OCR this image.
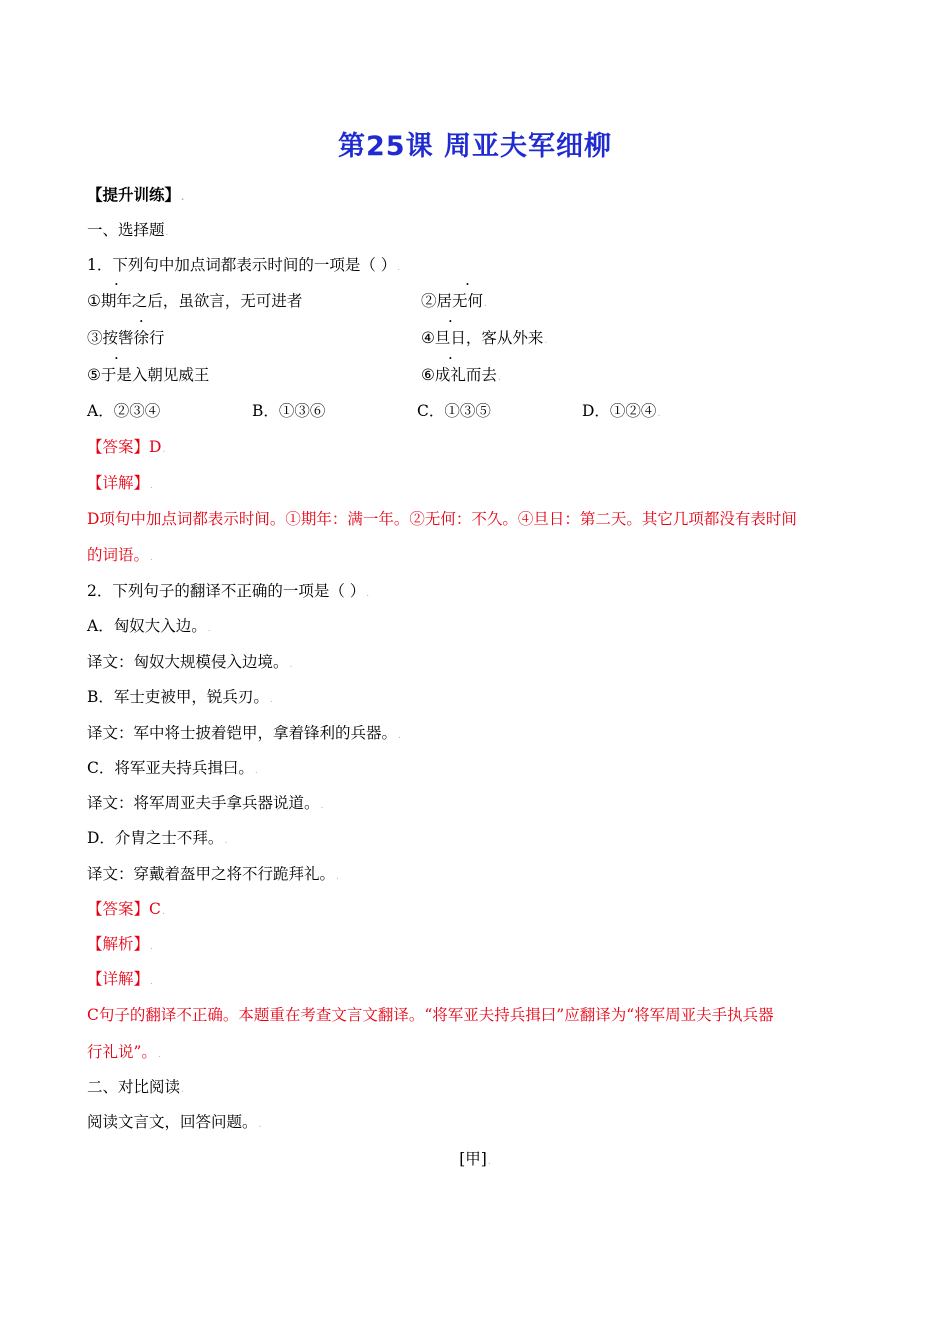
第25课 周亚夫军细柳
【提升训练】.
一、选择题.
1．下列句中加点词都表示时间的一项是（ ）.
①期年之后，虽欲言，无可进者	②居无何.
③按辔徐行	④旦日，客从外来.
⑤于是入朝见威王	⑥成礼而去.
A．②③④	B．①③⑥	C．①③⑤	D．①②④.
【答案】D.
【详解】.
D项句中加点词都表示时间。①期年：满一年。②无何：不久。④旦日：第二天。其它几项都没有表时间
的词语。.
2．下列句子的翻译不正确的一项是（ ）.
A．匈奴大入边。.
译文：匈奴大规模侵入边境。.
B．军士吏被甲，锐兵刃。.
译文：军中将士披着铠甲，拿着锋利的兵器。.
C．将军亚夫持兵揖曰。.
译文：将军周亚夫手拿兵器说道。.
D．介胄之士不拜。.
译文：穿戴着盔甲之将不行跪拜礼。.
【答案】C.
【解析】.
【详解】.
C句子的翻译不正确。本题重在考查文言文翻译。“将军亚夫持兵揖曰”应翻译为“将军周亚夫手执兵器
行礼说”。.
二、对比阅读.
阅读文言文，回答问题。.
[甲].
